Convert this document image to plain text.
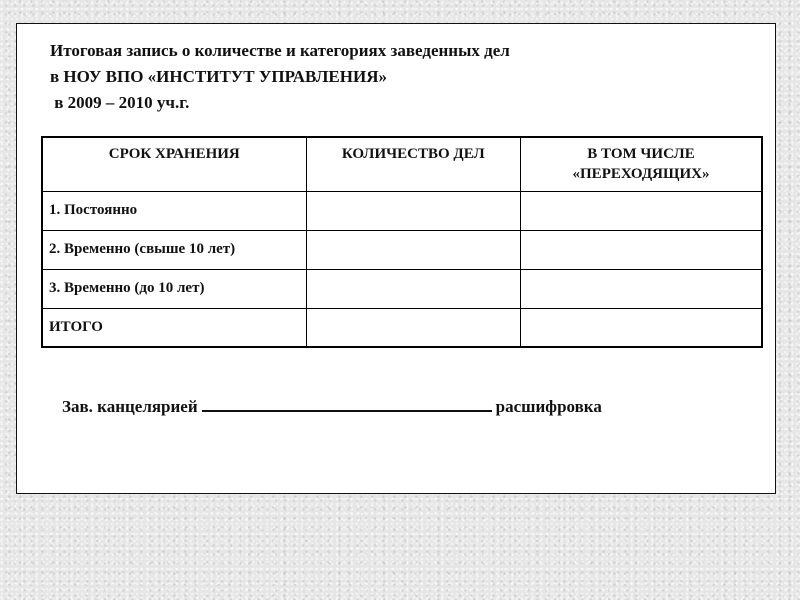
Итоговая запись о количестве и категориях заведенных дел
в НОУ ВПО «ИНСТИТУТ УПРАВЛЕНИЯ»
в 2009 – 2010 уч.г.
СРОК ХРАНЕНИЯ	КОЛИЧЕСТВО ДЕЛ	В ТОМ ЧИСЛЕ
«ПЕРЕХОДЯЩИХ»

1. Постоянно		
2. Временно (свыше 10 лет)		
3. Временно (до 10 лет)		
ИТОГО		
Зав. канцелярией	расшифровка
